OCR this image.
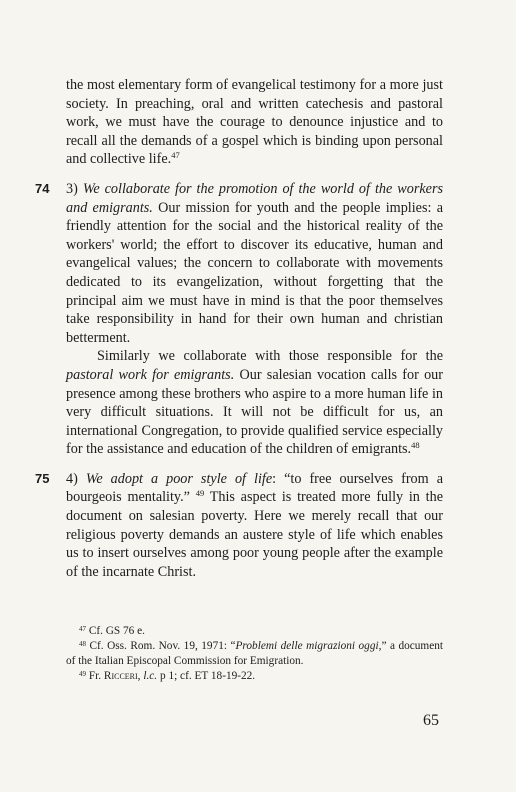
the most elementary form of evangelical testimony for a more just society. In preaching, oral and written catechesis and pastoral work, we must have the courage to denounce injustice and to recall all the demands of a gospel which is binding upon personal and collective life.$^{47}$

74 3) We collaborate for the promotion of the world of the workers and emigrants. Our mission for youth and the people implies: a friendly attention for the social and the historical reality of the workers' world; the effort to discover its educative, human and evangelical values; the concern to collaborate with movements dedicated to its evangelization, without forgetting that the principal aim we must have in mind is that the poor themselves take responsibility in hand for their own human and christian betterment.

Similarly we collaborate with those responsible for the pastoral work for emigrants. Our salesian vocation calls for our presence among these brothers who aspire to a more human life in very difficult situations. It will not be difficult for us, an international Congregation, to provide qualified service especially for the assistance and education of the children of emigrants.$^{48}$

75 4) We adopt a poor style of life: “to free ourselves from a bourgeois mentality.” $^{49}$ This aspect is treated more fully in the document on salesian poverty. Here we merely recall that our religious poverty demands an austere style of life which enables us to insert ourselves among poor young people after the example of the incarnate Christ.

$^{47}$ Cf. GS 76 e.

$^{48}$ Cf. Oss. Rom. Nov. 19, 1971: “Problemi delle migrazioni oggi,” a document of the Italian Episcopal Commission for Emigration.

$^{49}$ Fr. Ricceri, l.c. p 1; cf. ET 18-19-22.

65
